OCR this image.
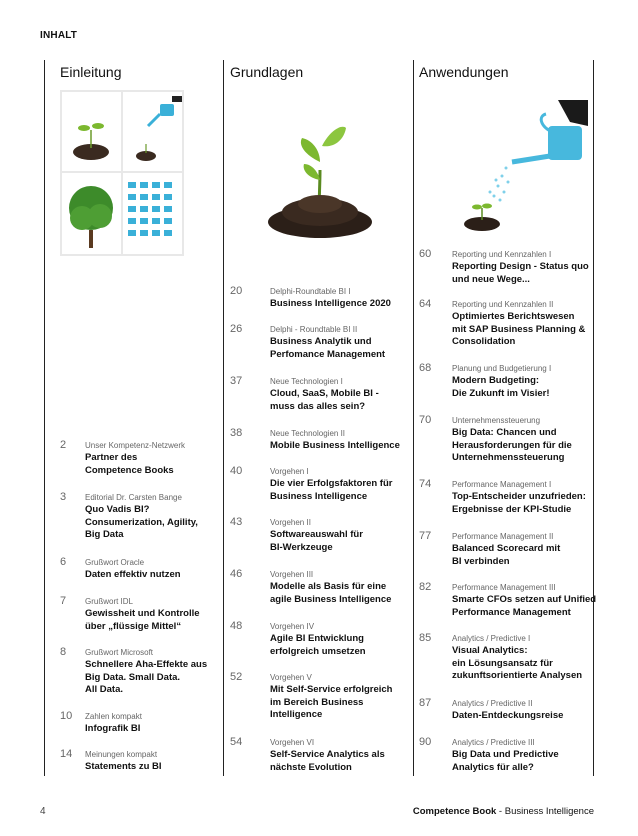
INHALT
Einleitung	Grundlagen	Anwendungen
2 Unser Kompetenz-Netzwerk
Partner des
Competence Books
3 Editorial Dr. Carsten Bange
Quo Vadis BI?
Consumerization, Agility,
Big Data
6 Grußwort Oracle
Daten effektiv nutzen
7 Grußwort IDL
Gewissheit und Kontrolle
über „flüssige Mittel“
8 Grußwort Microsoft
Schnellere Aha-Effekte aus
Big Data. Small Data.
All Data.
10 Zahlen kompakt
Infografik BI
14 Meinungen kompakt
Statements zu BI
20	Delphi-Roundtable BI I
Business Intelligence 2020
26	Delphi - Roundtable BI II
Business Analytik und
Perfomance Management
37	Neue Technologien I
Cloud, SaaS, Mobile BI -
muss das alles sein?
38	Neue Technologien II
Mobile Business Intelligence
40	Vorgehen I
Die vier Erfolgsfaktoren für
Business Intelligence
43	Vorgehen II
Softwareauswahl für
BI-Werkzeuge
46	Vorgehen III
Modelle als Basis für eine
agile Business Intelligence
48	Vorgehen IV
Agile BI Entwicklung
erfolgreich umsetzen
52	Vorgehen V
Mit Self-Service erfolgreich
im Bereich Business
Intelligence
54	Vorgehen VI
Self-Service Analytics als
nächste Evolution
60	Reporting und Kennzahlen I
Reporting Design - Status quo
und neue Wege...
64	Reporting und Kennzahlen II
Optimiertes Berichtswesen
mit SAP Business Planning &
Consolidation
68	Planung und Budgetierung I
Modern Budgeting:
Die Zukunft im Visier!
70	Unternehmenssteuerung
Big Data: Chancen und
Herausforderungen für die
Unternehmenssteuerung
74	Performance Management I
Top-Entscheider unzufrieden:
Ergebnisse der KPI-Studie
77	Performance Management II
Balanced Scorecard mit
BI verbinden
82	Performance Management III
Smarte CFOs setzen auf Unified
Performance Management
85	Analytics / Predictive I
Visual Analytics:
ein Lösungsansatz für
zukunftsorientierte Analysen
87	Analytics / Predictive II
Daten-Entdeckungsreise
90	Analytics / Predictive III
Big Data und Predictive
Analytics für alle?
4	Competence Book - Business Intelligence
